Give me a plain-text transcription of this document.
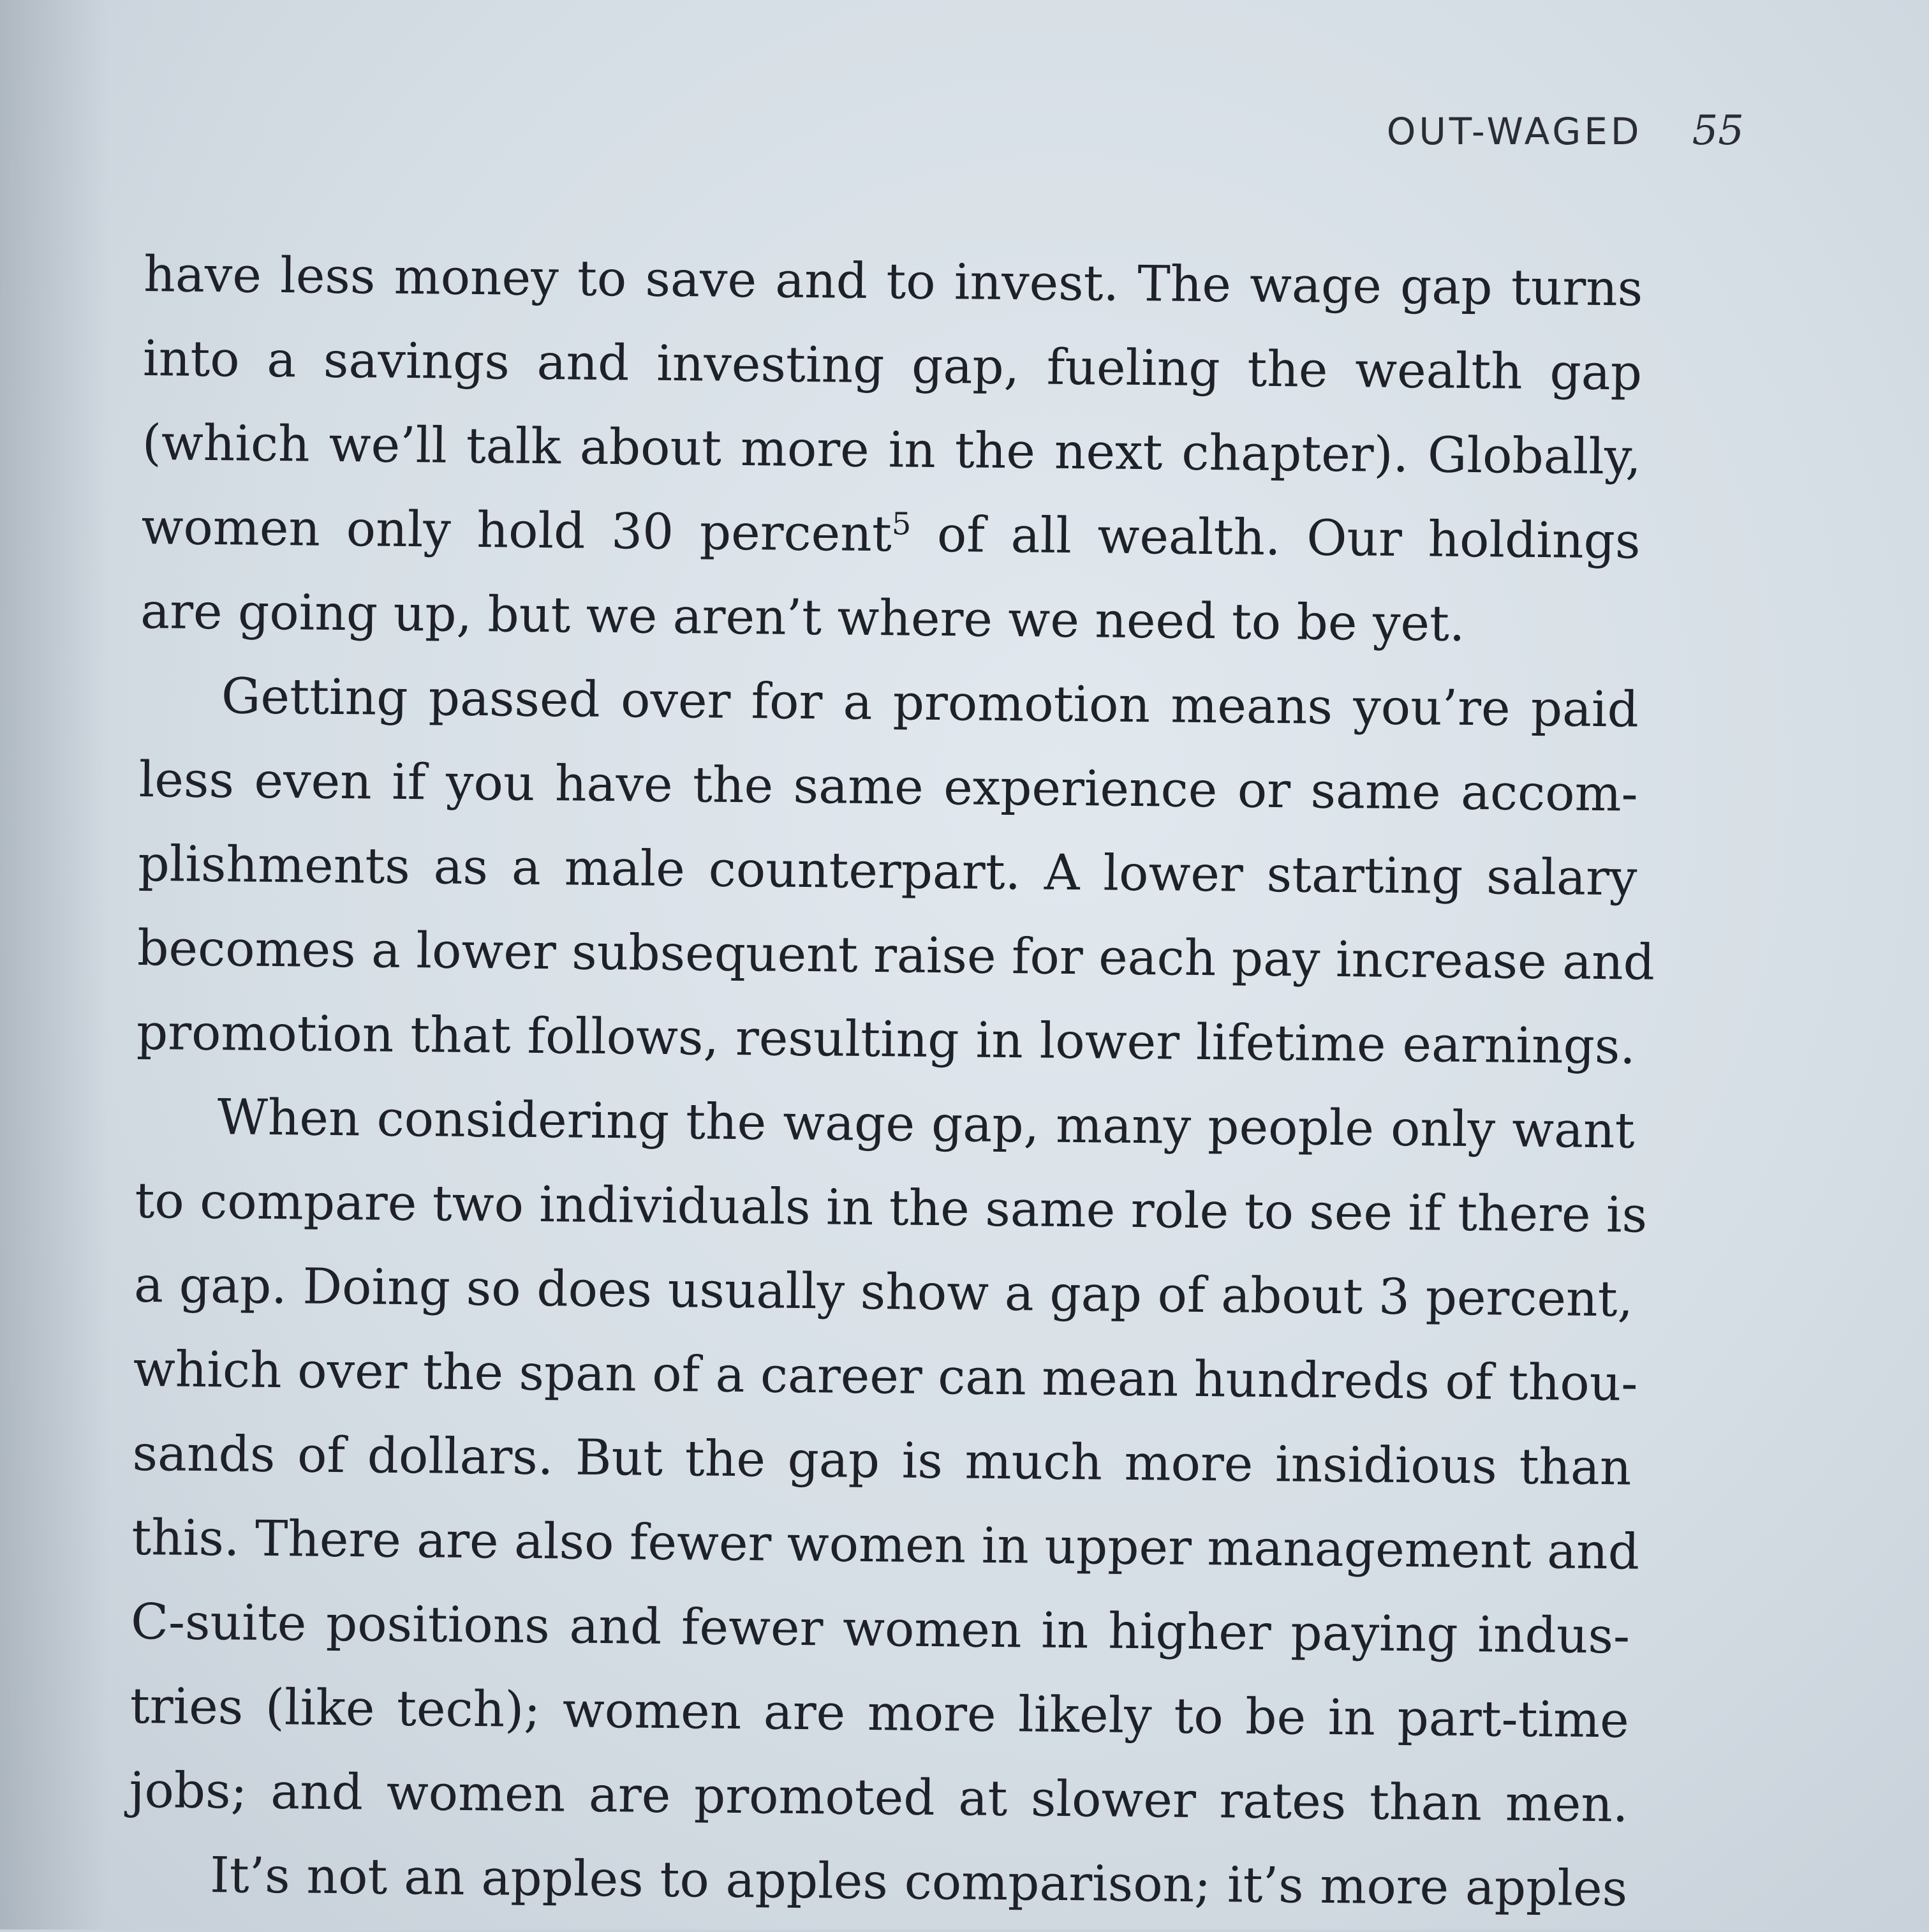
OUT-WAGED 55
have less money to save and to invest. The wage gap turns
into a savings and investing gap, fueling the wealth gap
(which we’ll talk about more in the next chapter). Globally,
women only hold 30 percent$^5$ of all wealth. Our holdings
are going up, but we aren’t where we need to be yet.
Getting passed over for a promotion means you’re paid
less even if you have the same experience or same accom-
plishments as a male counterpart. A lower starting salary
becomes a lower subsequent raise for each pay increase and
promotion that follows, resulting in lower lifetime earnings.
When considering the wage gap, many people only want
to compare two individuals in the same role to see if there is
a gap. Doing so does usually show a gap of about 3 percent,
which over the span of a career can mean hundreds of thou-
sands of dollars. But the gap is much more insidious than
this. There are also fewer women in upper management and
C-suite positions and fewer women in higher paying indus-
tries (like tech); women are more likely to be in part-time
jobs; and women are promoted at slower rates than men.
It’s not an apples to apples comparison; it’s more apples
